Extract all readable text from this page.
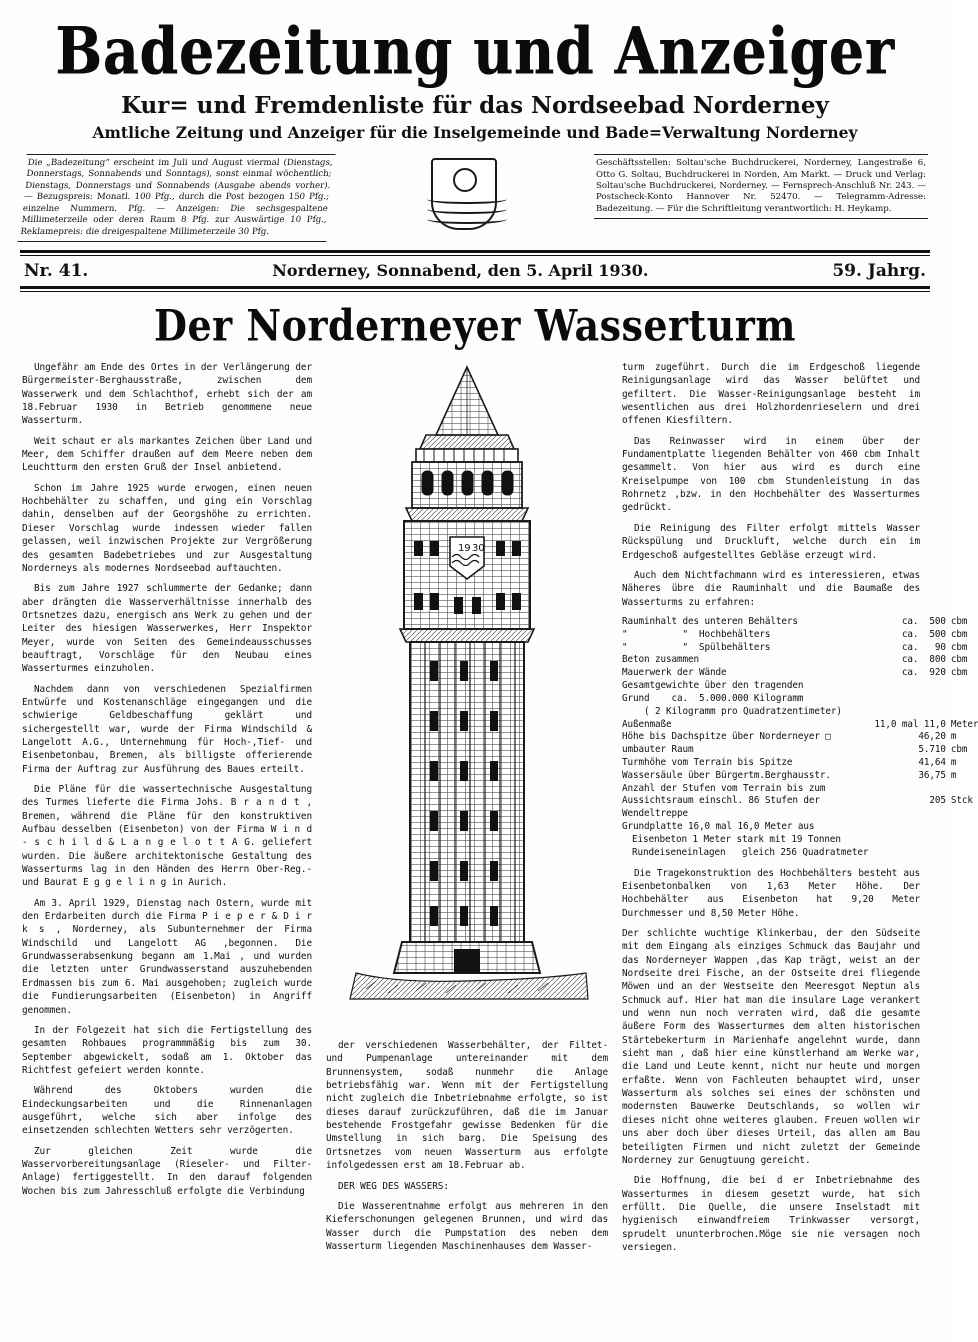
Badezeitung und Anzeiger
Kur= und Fremdenliste für das Nordseebad Norderney
Amtliche Zeitung und Anzeiger für die Inselgemeinde und Bade=Verwaltung Norderney
Die „Badezeitung“ erscheint im Juli und August viermal (Dienstags, Donnerstags, Sonnabends und Sonntags), sonst einmal wöchentlich; Dienstags, Donnerstags und Sonnabends (Ausgabe abends vorher). — Bezugspreis: Monatl. 100 Pfg., durch die Post bezogen 150 Pfg.; einzelne Nummern. Pfg. — Anzeigen: Die sechsgespaltene Millimeterzeile oder deren Raum 8 Pfg. zur Auswärtige 10 Pfg., Reklamepreis: die dreigespaltene Millimeterzeile 30 Pfg.
Geschäftsstellen: Soltau'sche Buchdruckerei, Norderney, Langestraße 6, Otto G. Soltau, Buchdruckerei in Norden, Am Markt. — Druck und Verlag: Soltau'sche Buchdruckerei, Norderney. — Fernsprech-Anschluß Nr. 243. — Postscheck-Konto Hannover Nr. 52470. — Telegramm-Adresse: Badezeitung. — Für die Schriftleitung verantwortlich: H. Heykamp.
Nr. 41.	Norderney, Sonnabend, den 5. April 1930.	59. Jahrg.
Der Norderneyer Wasserturm

Ungefähr am Ende des Ortes in der Verlängerung der Bürgermeister-Berghausstraße, zwischen dem Wasserwerk und dem Schlachthof, erhebt sich der am 18.Februar 1930 in Betrieb genommene neue Wasserturm.

Weit schaut er als markantes Zeichen über Land und Meer, dem Schiffer draußen auf dem Meere neben dem Leuchtturm den ersten Gruß der Insel anbietend.

Schon im Jahre 1925 wurde erwogen, einen neuen Hochbehälter zu schaffen, und ging ein Vorschlag dahin, denselben auf der Georgshöhe zu errichten. Dieser Vorschlag wurde indessen wieder fallen gelassen, weil inzwischen Projekte zur Vergrößerung des gesamten Badebetriebes und zur Ausgestaltung Norderneys als modernes Nordseebad auftauchten.

Bis zum Jahre 1927 schlummerte der Gedanke; dann aber drängten die Wasserverhältnisse innerhalb des Ortsnetzes dazu, energisch ans Werk zu gehen und der Leiter des hiesigen Wasserwerkes, Herr Inspektor Meyer, wurde von Seiten des Gemeindeausschusses beauftragt, Vorschläge für den Neubau eines Wasserturmes einzuholen.

Nachdem dann von verschiedenen Spezialfirmen Entwürfe und Kostenanschläge eingegangen und die schwierige Geldbeschaffung geklärt und sichergestellt war, wurde der Firma Windschild & Langelott A.G., Unternehmung für Hoch-,Tief- und Eisenbetonbau, Bremen, als billigste offerierende Firma der Auftrag zur Ausführung des Baues erteilt.

Die Pläne für die wassertechnische Ausgestaltung des Turmes lieferte die Firma Johs. B r a n d t , Bremen, während die Pläne für den konstruktiven Aufbau desselben (Eisenbeton) von der Firma W i n d - s c h i l d & L a n g e l o t t A G. geliefert wurden. Die äußere architektonische Gestaltung des Wasserturms lag in den Händen des Herrn Ober-Reg.- und Baurat E g g e l i n g in Aurich.

Am 3. April 1929, Dienstag nach Ostern, wurde mit den Erdarbeiten durch die Firma P i e p e r & D i r k s , Norderney, als Subunternehmer der Firma Windschild und Langelott AG ,begonnen. Die Grundwasserabsenkung begann am 1.Mai , und wurden die letzten unter Grundwasserstand auszuhebenden Erdmassen bis zum 6. Mai ausgehoben; zugleich wurde die Fundierungsarbeiten (Eisenbeton) in Angriff genommen.

In der Folgezeit hat sich die Fertigstellung des gesamten Rohbaues programmmäßig bis zum 30. September abgewickelt, sodaß am 1. Oktober das Richtfest gefeiert werden konnte.

Während des Oktobers wurden die Eindeckungsarbeiten und die Rinnenanlagen ausgeführt, welche sich aber infolge des einsetzenden schlechten Wetters sehr verzögerten.

Zur gleichen Zeit wurde die Wasservorbereitungsanlage (Rieseler- und Filter-Anlage) fertiggestellt. In den darauf folgenden Wochen bis zum Jahresschluß erfolgte die Verbindung

19 30

der verschiedenen Wasserbehälter, der Filtet- und Pumpenanlage untereinander mit dem Brunnensystem, sodaß nunmehr die Anlage betriebsfähig war. Wenn mit der Fertigstellung nicht zugleich die Inbetriebnahme erfolgte, so ist dieses darauf zurückzuführen, daß die im Januar bestehende Frostgefahr gewisse Bedenken für die Umstellung in sich barg. Die Speisung des Ortsnetzes vom neuen Wasserturm aus erfolgte infolgedessen erst am 18.Februar ab.

DER WEG DES WASSERS:

Die Wasserentnahme erfolgt aus mehreren in den Kieferschonungen gelegenen Brunnen, und wird das Wasser durch die Pumpstation des neben dem Wasserturm liegenden Maschinenhauses dem Wasser-

turm zugeführt. Durch die im Erdgeschoß liegende Reinigungsanlage wird das Wasser belüftet und gefiltert. Die Wasser-Reinigungsanlage besteht im wesentlichen aus drei Holzhordenrieselern und drei offenen Kiesfiltern.

Das Reinwasser wird in einem über der Fundamentplatte liegenden Behälter von 460 cbm Inhalt gesammelt. Von hier aus wird es durch eine Kreiselpumpe von 100 cbm Stundenleistung in das Rohrnetz ,bzw. in den Hochbehälter des Wasserturmes gedrückt.

Die Reinigung des Filter erfolgt mittels Wasser Rückspülung und Druckluft, welche durch ein im Erdgeschoß aufgestelltes Gebläse erzeugt wird.

Auch dem Nichtfachmann wird es interessieren, etwas Näheres übre die Rauminhalt und die Baumaße des Wasserturms zu erfahren:

Rauminhalt des unteren Behälters	ca.  500	cbm
"          "  Hochbehälters	ca.  500	cbm
"          "  Spülbehälters	ca.   90	cbm
Beton zusammen	ca.  800	cbm
Mauerwerk der Wände	ca.  920	cbm
Gesamtgewichte über den tragenden		
Grund    ca.  5.000.000 Kilogramm		
( 2 Kilogramm pro Quadratzentimeter)		
Außenmaße	11,0 mal 11,0	Meter
Höhe bis Dachspitze über Norderneyer □	46,20	m
umbauter Raum	5.710	cbm
Turmhöhe vom Terrain bis Spitze	41,64	m
Wassersäule über Bürgertm.Berghausstr.	36,75	m
Anzahl der Stufen vom Terrain bis zum		
Aussichtsraum einschl. 86 Stufen der	205	Stck
Wendeltreppe		
Grundplatte 16,0 mal 16,0 Meter aus		
Eisenbeton 1 Meter stark mit 19 Tonnen		
Rundeiseneinlagen   gleich 256 Quadratmeter		

Die Tragekonstruktion des Hochbehälters besteht aus Eisenbetonbalken von 1,63 Meter Höhe. Der Hochbehälter aus Eisenbeton hat 9,20 Meter Durchmesser und 8,50 Meter Höhe.

Der schlichte wuchtige Klinkerbau, der den Südseite mit dem Eingang als einziges Schmuck das Baujahr und das Norderneyer Wappen ,das Kap trägt, weist an der Nordseite drei Fische, an der Ostseite drei fliegende Möwen und an der Westseite den Meeresgot Neptun als Schmuck auf. Hier hat man die insulare Lage verankert und wenn nun noch verraten wird, daß die gesamte äußere Form des Wasserturmes dem alten historischen Stärtebekerturm in Marienhafe angelehnt wurde, dann sieht man , daß hier eine künstlerhand am Werke war, die Land und Leute kennt, nicht nur heute und morgen erfaßte. Wenn von Fachleuten behauptet wird, unser Wasserturm als solches sei eines der schönsten und modernsten Bauwerke Deutschlands, so wollen wir dieses nicht ohne weiteres glauben. Freuen wollen wir uns aber doch über dieses Urteil, das allen am Bau beteiligten Firmen und nicht zuletzt der Gemeinde Norderney zur Genugtuung gereicht.

Die Hoffnung, die bei d er Inbetriebnahme des Wasserturmes in diesem gesetzt wurde, hat sich erfüllt. Die Quelle, die unsere Inselstadt mit hygienisch einwandfreiem Trinkwasser versorgt, sprudelt ununterbrochen.Möge sie nie versagen noch versiegen.
